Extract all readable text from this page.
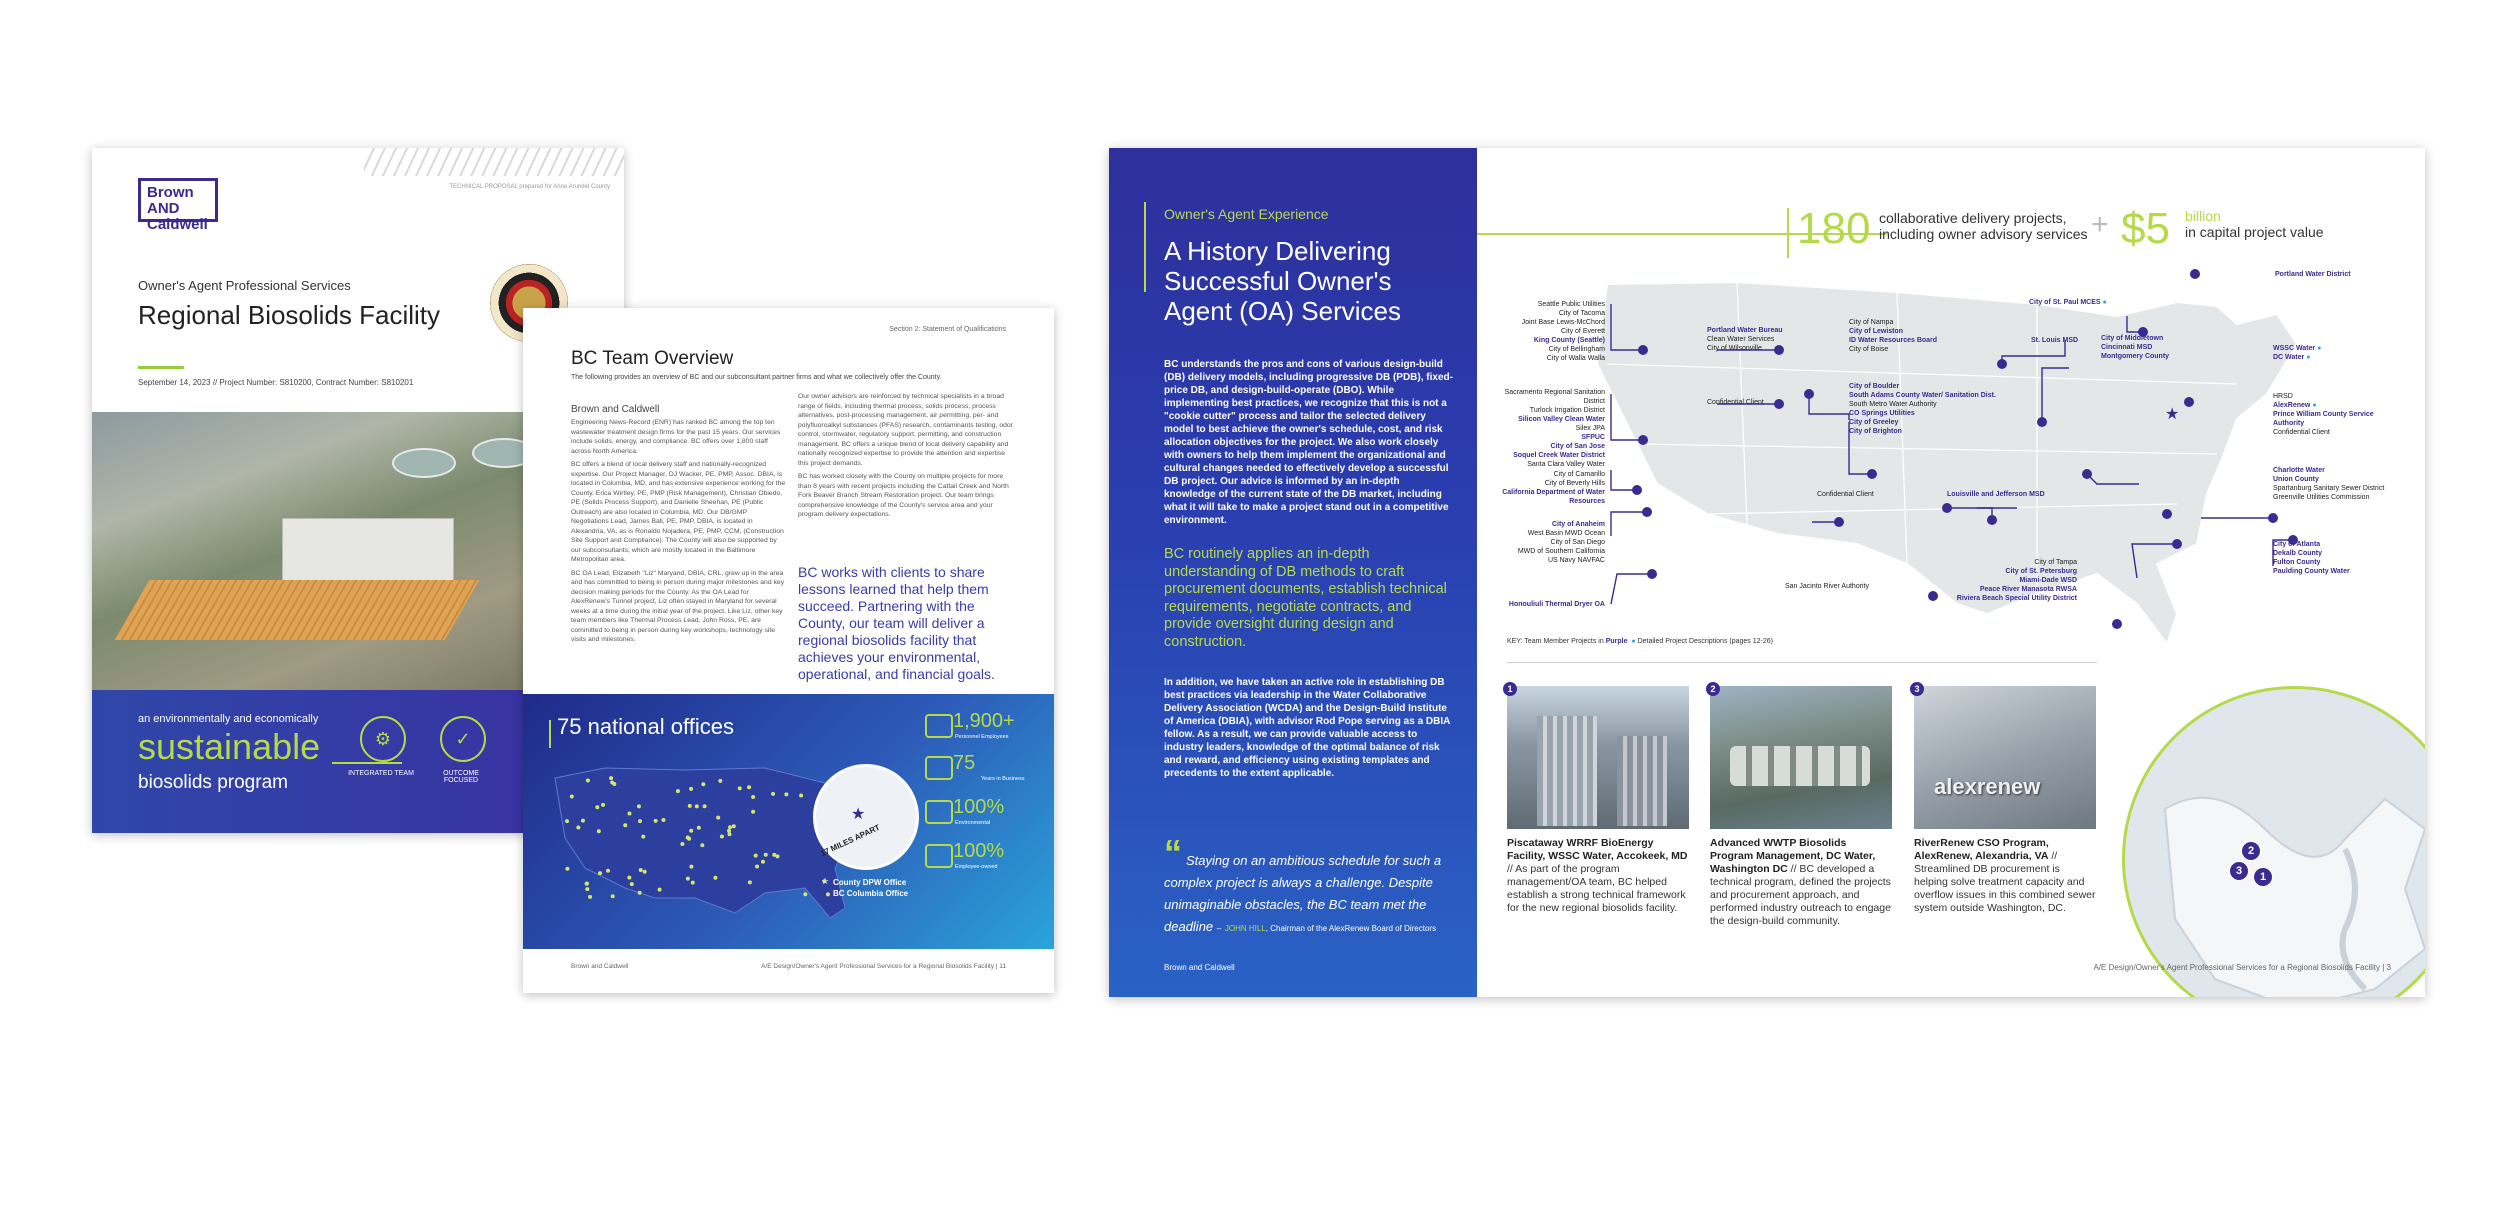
TECHNICAL PROPOSAL prepared for Anne Arundel County
Brown AND Caldwell
Owner's Agent Professional Services
Regional Biosolids Facility
September 14, 2023 // Project Number: S810200, Contract Number: S810201
an environmentally and economically
sustainable
biosolids program
⚙
INTEGRATED TEAM
✓
OUTCOME FOCUSED
Section 2: Statement of Qualifications
BC Team Overview
The following provides an overview of BC and our subconsultant partner firms and what we collectively offer the County.
Brown and Caldwell

Engineering News-Record (ENR) has ranked BC among the top ten wastewater treatment design firms for the past 15 years. Our services include solids, energy, and compliance. BC offers over 1,800 staff across North America.

BC offers a blend of local delivery staff and nationally-recognized expertise. Our Project Manager, DJ Wacker, PE, PMP, Assoc. DBIA, is located in Columbia, MD, and has extensive experience working for the County. Erica Wirtley, PE, PMP (Risk Management), Christian Obiedo, PE (Solids Process Support), and Danielle Sheehan, PE (Public Outreach) are also located in Columbia, MD. Our DB/GMP Negotiations Lead, James Ball, PE, PMP, DBIA, is located in Alexandria, VA, as is Ronaldo Nojadera, PE, PMP, CCM, (Construction Site Support and Compliance). The County will also be supported by our subconsultants, which are mostly located in the Baltimore Metropolitan area.

BC OA Lead, Elizabeth "Liz" Maryand, DBIA, CRL, grew up in the area and has committed to being in person during major milestones and key decision making periods for the County. As the OA Lead for AlexRenew's Tunnel project, Liz often stayed in Maryland for several weeks at a time during the initial year of the project. Like Liz, other key team members like Thermal Process Lead, John Ross, PE, are committed to being in person during key workshops, technology site visits and milestones.

Our owner advisors are reinforced by technical specialists in a broad range of fields, including thermal process, solids process, process alternatives, post-processing management, air permitting, per- and polyfluoroalkyl substances (PFAS) research, contaminants testing, odor control, stormwater, regulatory support, permitting, and construction management. BC offers a unique blend of local delivery capability and nationally recognized expertise to provide the attention and expertise this project demands.

BC has worked closely with the County on multiple projects for more than 8 years with recent projects including the Cattail Creek and North Fork Beaver Branch Stream Restoration project. Our team brings comprehensive knowledge of the County's service area and your program delivery expectations.

BC works with clients to share lessons learned that help them succeed. Partnering with the County, our team will deliver a regional biosolids facility that achieves your environmental, operational, and financial goals.
75 national offices
★
17 MILES APART
County DPW Office
☆
BC Columbia Office
1,900+
Personnel Employees
75
Years in Business
100%
Environmental
100%
Employee-owned
Brown and Caldwell	A/E Design/Owner's Agent Professional Services for a Regional Biosolids Facility | 11
Owner's Agent Experience
A History Delivering Successful Owner's Agent (OA) Services
BC understands the pros and cons of various design-build (DB) delivery models, including progressive DB (PDB), fixed-price DB, and design-build-operate (DBO). While implementing best practices, we recognize that this is not a "cookie cutter" process and tailor the selected delivery model to best achieve the owner's schedule, cost, and risk allocation objectives for the project. We also work closely with owners to help them implement the organizational and cultural changes needed to effectively develop a successful DB project. Our advice is informed by an in-depth knowledge of the current state of the DB market, including what it will take to make a project stand out in a competitive environment.
BC routinely applies an in-depth understanding of DB methods to craft procurement documents, establish technical requirements, negotiate contracts, and provide oversight during design and construction.
In addition, we have taken an active role in establishing DB best practices via leadership in the Water Collaborative Delivery Association (WCDA) and the Design-Build Institute of America (DBIA), with advisor Rod Pope serving as a DBIA fellow. As a result, we can provide valuable access to industry leaders, knowledge of the optimal balance of risk and reward, and efficiency using existing templates and precedents to the extent applicable.
“ Staying on an ambitious schedule for such a complex project is always a challenge. Despite unimaginable obstacles, the BC team met the deadline – JOHN HILL, Chairman of the AlexRenew Board of Directors
Brown and Caldwell
180 collaborative delivery projects,
including owner advisory services + $5 billion
in capital project value
Seattle Public Utilities
City of Tacoma
Joint Base Lewis-McChord
City of Everett
King County (Seattle)
City of Bellingham
City of Walla Walla
Portland Water Bureau
Clean Water Services
City of Wilsonville
Sacramento Regional Sanitation District
Turlock Irrigation District
Silicon Valley Clean Water
Silex JPA
SFPUC
City of San Jose
Soquel Creek Water District
Santa Clara Valley Water
Confidential Client
City of Camarillo
City of Beverly Hills
California Department of Water Resources
City of Anaheim
West Basin MWD Ocean
City of San Diego
MWD of Southern California
US Navy NAVFAC
Honouliuli Thermal Dryer OA
City of Nampa
City of Lewiston
ID Water Resources Board
City of Boise
City of Boulder
South Adams County Water/ Sanitation Dist.
South Metro Water Authority
CO Springs Utilities
City of Greeley
City of Brighton
City of St. Paul MCES ●
St. Louis MSD	City of Middletown
Cincinnati MSD
Montgomery County
Confidential Client	Louisville and Jefferson MSD
San Jacinto River Authority
City of Tampa
City of St. Petersburg
Miami-Dade WSD
Peace River Manasota RWSA
Riviera Beach Special Utility District
Portland Water District
WSSC Water ●
DC Water ●
HRSD
AlexRenew ●
Prince William County Service Authority
Confidential Client
Charlotte Water
Union County
Spartanburg Sanitary Sewer District
Greenville Utilities Commission
City of Atlanta
Dekalb County
Fulton County
Paulding County Water
★
KEY: Team Member Projects in Purple ● Detailed Project Descriptions (pages 12-26)
2
3	1
1
Piscataway WRRF BioEnergy Facility, WSSC Water, Accokeek, MD // As part of the program management/OA team, BC helped establish a strong technical framework for the new regional biosolids facility.
2
Advanced WWTP Biosolids Program Management, DC Water, Washington DC // BC developed a technical program, defined the projects and procurement approach, and performed industry outreach to engage the design-build community.
alexrenew
3
RiverRenew CSO Program, AlexRenew, Alexandria, VA // Streamlined DB procurement is helping solve treatment capacity and overflow issues in this combined sewer system outside Washington, DC.
A/E Design/Owner's Agent Professional Services for a Regional Biosolids Facility | 3
